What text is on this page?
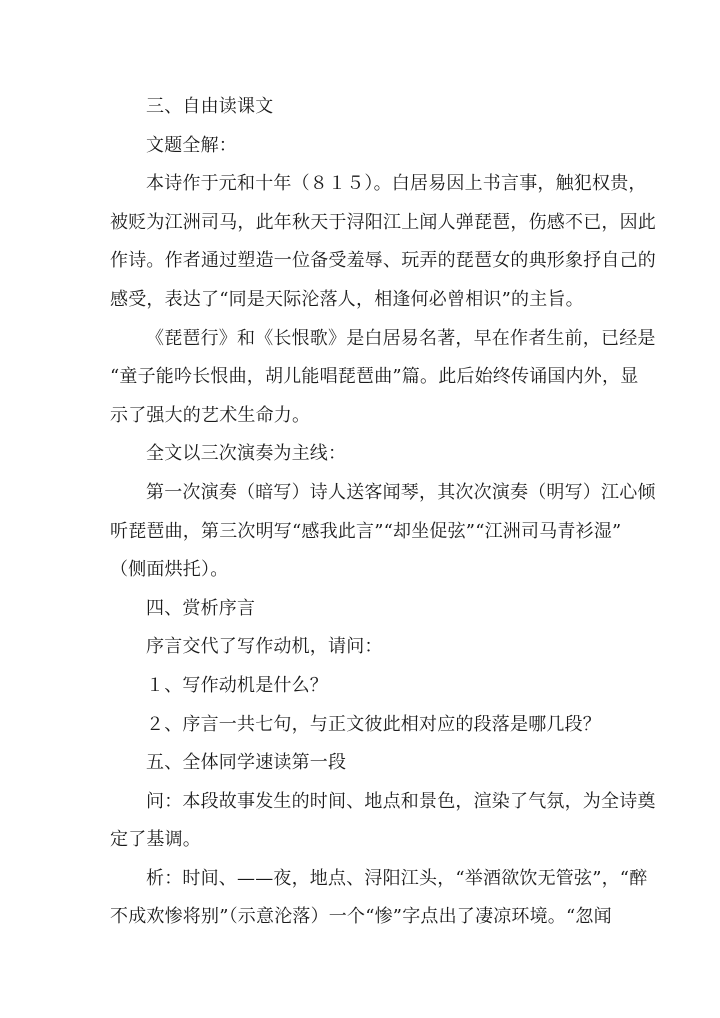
三、自由读课文
文题全解：
本诗作于元和十年（８１５）。白居易因上书言事，触犯权贵，
被贬为江洲司马，此年秋天于浔阳江上闻人弹琵琶，伤感不已，因此
作诗。作者通过塑造一位备受羞辱、玩弄的琵琶女的典形象抒自己的
感受，表达了“同是天际沦落人，相逢何必曾相识”的主旨。
《琵琶行》和《长恨歌》是白居易名著，早在作者生前，已经是
“童子能吟长恨曲，胡儿能唱琵琶曲”篇。此后始终传诵国内外，显
示了强大的艺术生命力。
全文以三次演奏为主线：
第一次演奏（暗写）诗人送客闻琴，其次次演奏（明写）江心倾
听琵琶曲，第三次明写“感我此言”“却坐促弦”“江洲司马青衫湿”
（侧面烘托）。
四、赏析序言
序言交代了写作动机，请问：
１、写作动机是什么？
２、序言一共七句，与正文彼此相对应的段落是哪几段？
五、全体同学速读第一段
问：本段故事发生的时间、地点和景色，渲染了气氛，为全诗奠
定了基调。
析：时间、——夜，地点、浔阳江头，“举酒欲饮无管弦”，“醉
不成欢惨将别”（示意沦落）一个“惨”字点出了凄凉环境。“忽闻
